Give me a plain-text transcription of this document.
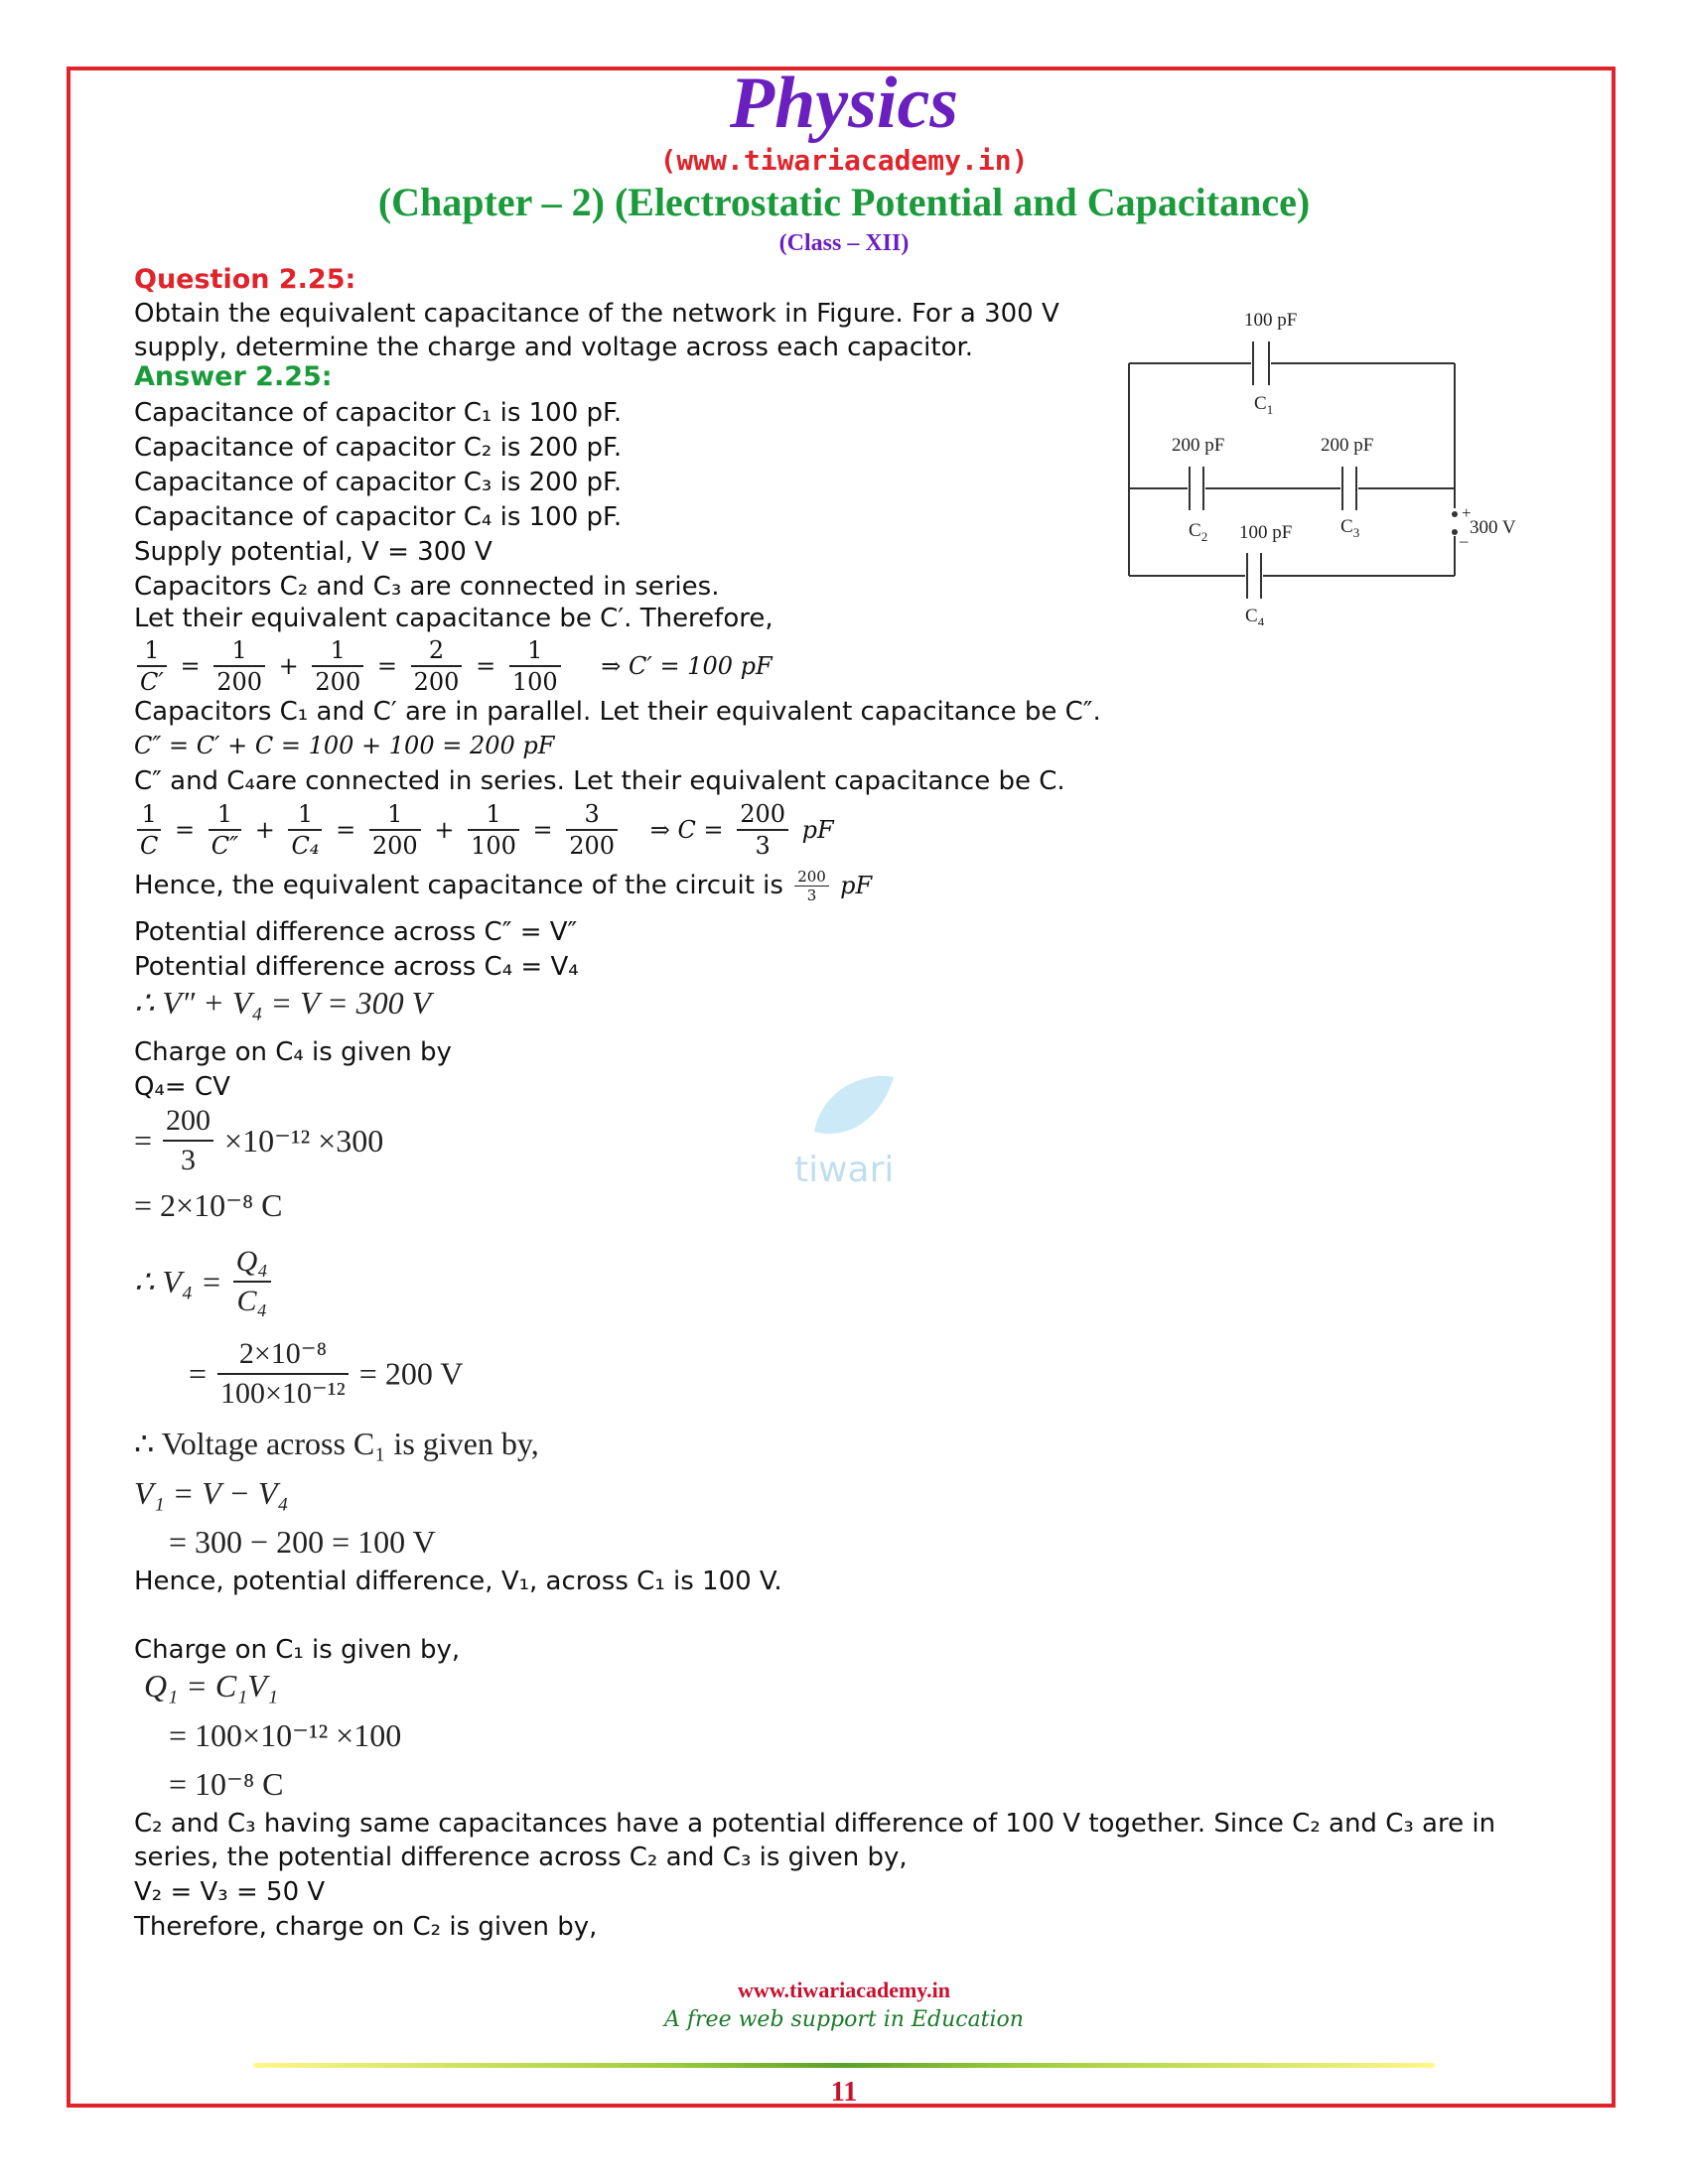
Physics
(www.tiwariacademy.in)
(Chapter – 2) (Electrostatic Potential and Capacitance)
(Class – XII)
Question 2.25:
Obtain the equivalent capacitance of the network in Figure. For a 300 V
supply, determine the charge and voltage across each capacitor.
100 pF
$C_1$
200 pF
$C_2$
200 pF
$C_3$
100 pF
$C_4$
+
–
300 V
Answer 2.25:
Capacitance of capacitor C₁ is 100 pF.
Capacitance of capacitor C₂ is 200 pF.
Capacitance of capacitor C₃ is 200 pF.
Capacitance of capacitor C₄ is 100 pF.
Supply potential, V = 300 V
Capacitors C₂ and C₃ are connected in series.
Let their equivalent capacitance be C′. Therefore,
$\frac{1}{C'} = \frac{1}{200} + \frac{1}{200} = \frac{2}{200} = \frac{1}{100}$ ⇒ C′ = 100 pF
Capacitors C₁ and C′ are in parallel. Let their equivalent capacitance be C″.
C″ = C′ + C = 100 + 100 = 200 pF
C″ and C₄are connected in series. Let their equivalent capacitance be C.
$\frac{1}{C} = \frac{1}{C''} + \frac{1}{\text{C₄}} = \frac{1}{200} + \frac{1}{100} = \frac{3}{200}$ ⇒ $C = \frac{200}{3}$ pF
Hence, the equivalent capacitance of the circuit is $\frac{200}{3}$ pF
Potential difference across C″ = V″
Potential difference across C₄ = V₄
∴ V″ + V₄ = V = 300 V
Charge on C₄ is given by
Q₄= CV
= $\frac{200}{3} \times 10^{-12} \times 300$
= 2×10⁻⁸ C
∴ $V_4 = \frac{\text{Q₄}}{\text{C₄}}$
= $\frac{\text{2×10⁻⁸}}{\text{100×10⁻¹²}} = 200$ V
∴ Voltage across C₁ is given by,
V₁ = V − V₄
= 300 − 200 = 100 V
Hence, potential difference, V₁, across C₁ is 100 V.
Charge on C₁ is given by,
Q₁ = C₁V₁
= 100×10⁻¹² ×100
= 10⁻⁸ C
C₂ and C₃ having same capacitances have a potential difference of 100 V together. Since C₂ and C₃ are in
series, the potential difference across C₂ and C₃ is given by,
V₂ = V₃ = 50 V
Therefore, charge on C₂ is given by,
tiwari
www.tiwariacademy.in
A free web support in Education
11
